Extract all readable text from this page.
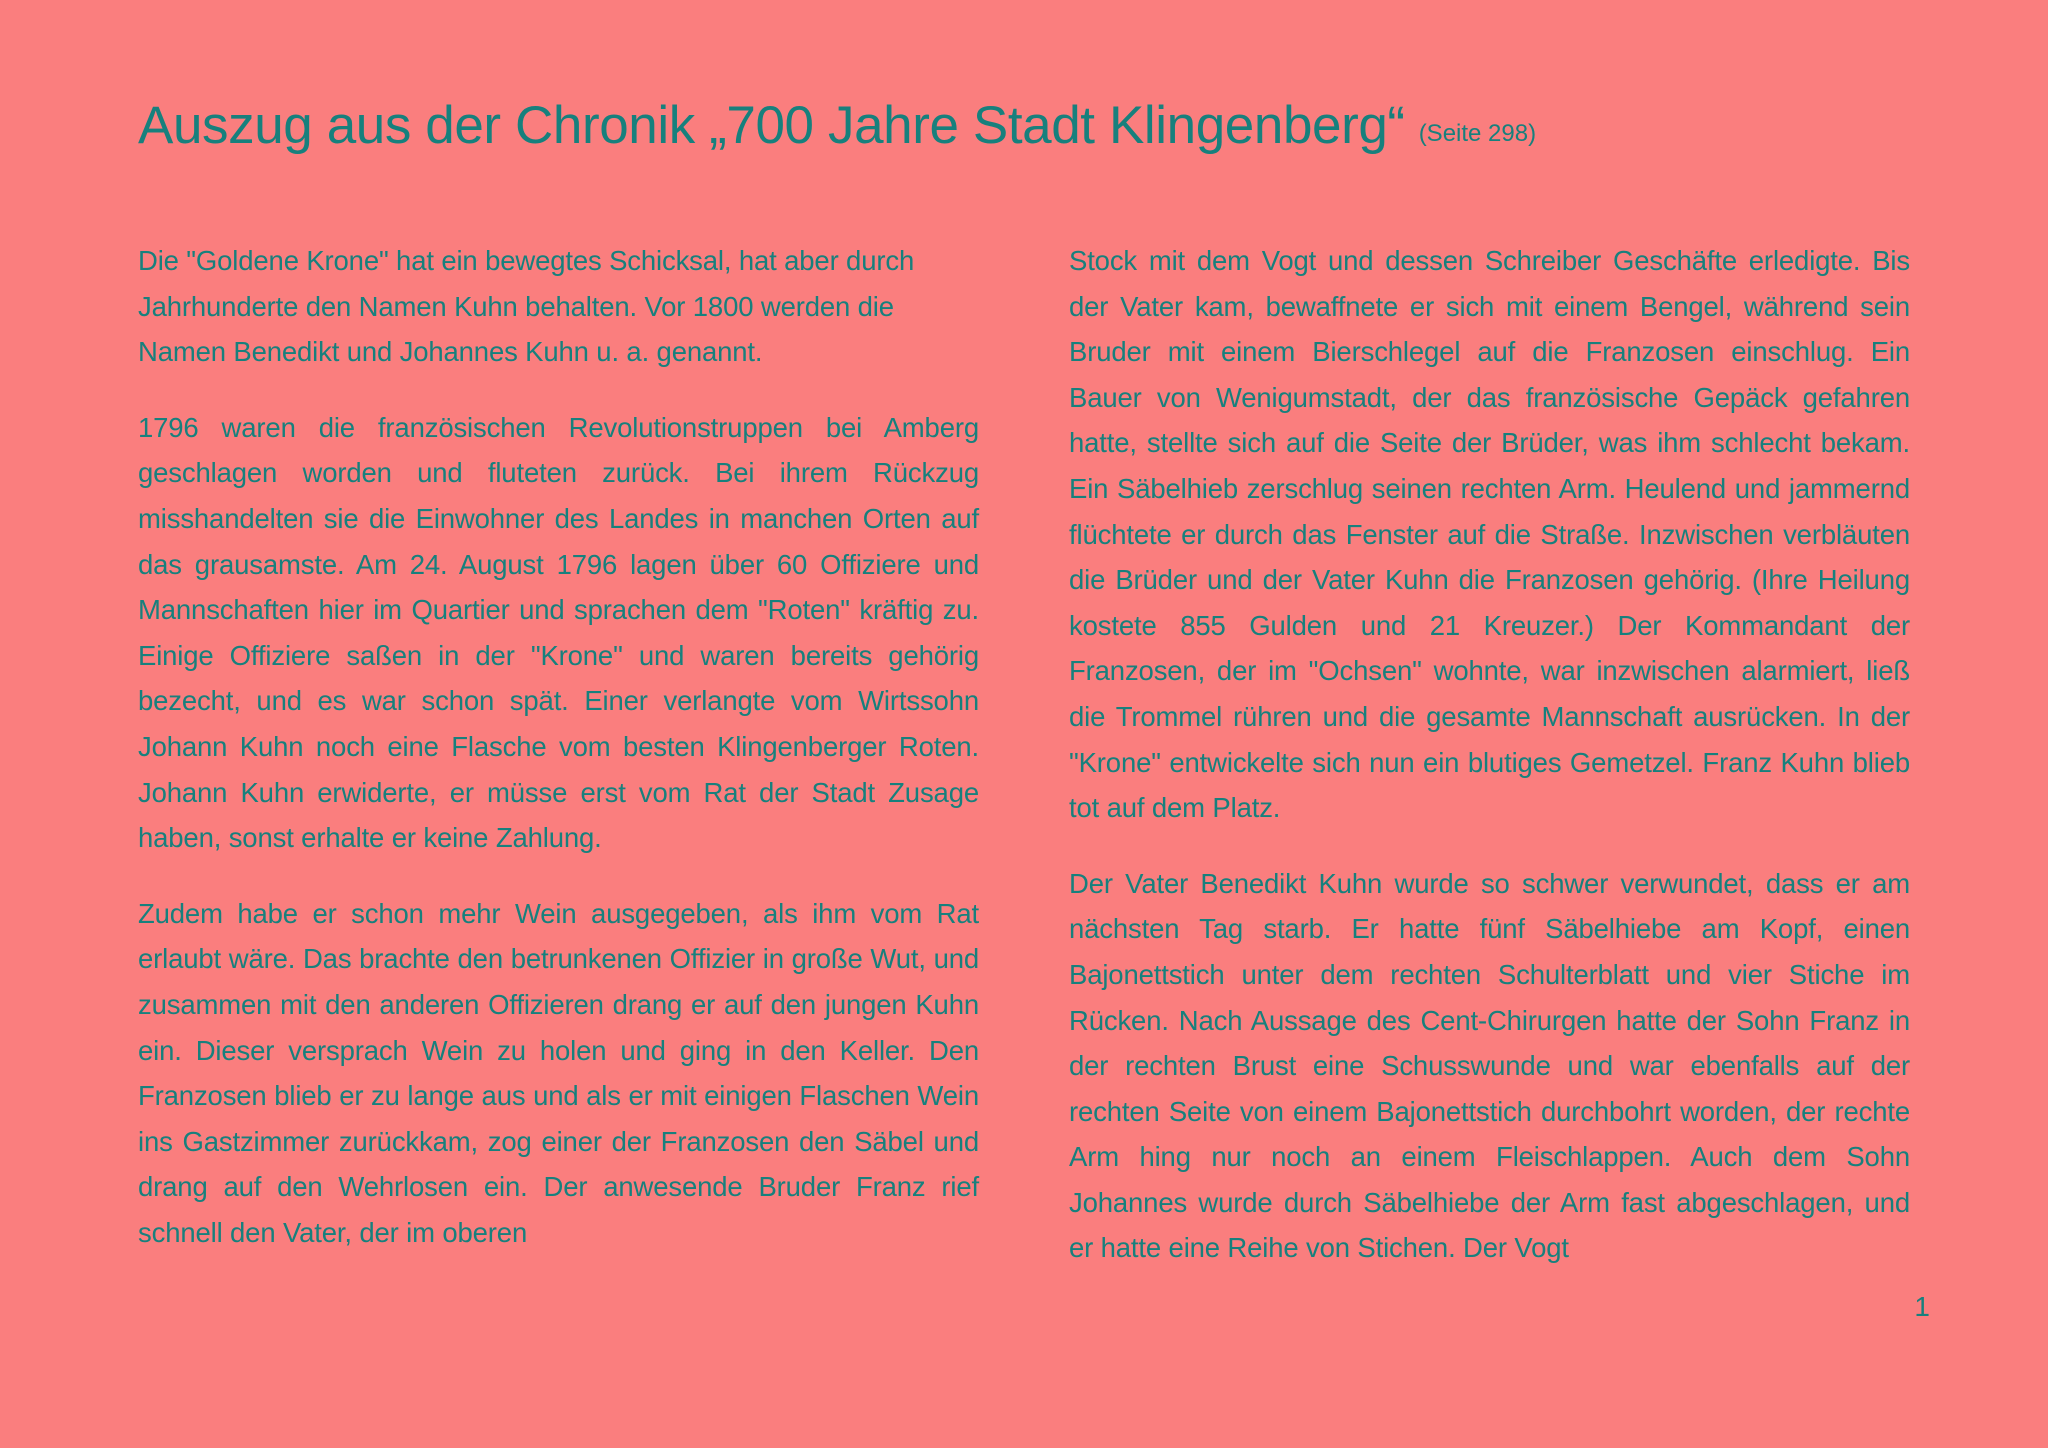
Auszug aus der Chronik „700 Jahre Stadt Klingenberg“ (Seite 298)

Die "Goldene Krone" hat ein bewegtes Schicksal, hat aber durch Jahrhunderte den Namen Kuhn behalten. Vor 1800 werden die Namen Benedikt und Johannes Kuhn u. a. genannt.

1796 waren die französischen Revolutionstruppen bei Amberg geschlagen worden und fluteten zurück. Bei ihrem Rückzug misshandelten sie die Einwohner des Landes in manchen Orten auf das grausamste. Am 24. August 1796 lagen über 60 Offiziere und Mannschaften hier im Quartier und sprachen dem "Roten" kräftig zu. Einige Offiziere saßen in der "Krone" und waren bereits gehörig bezecht, und es war schon spät. Einer verlangte vom Wirtssohn Johann Kuhn noch eine Flasche vom besten Klingenberger Roten. Johann Kuhn erwiderte, er müsse erst vom Rat der Stadt Zusage haben, sonst erhalte er keine Zahlung.

Zudem habe er schon mehr Wein ausgegeben, als ihm vom Rat erlaubt wäre. Das brachte den betrunkenen Offizier in große Wut, und zusammen mit den anderen Offizieren drang er auf den jungen Kuhn ein. Dieser versprach Wein zu holen und ging in den Keller. Den Franzosen blieb er zu lange aus und als er mit einigen Flaschen Wein ins Gastzimmer zurückkam, zog einer der Franzosen den Säbel und drang auf den Wehrlosen ein. Der anwesende Bruder Franz rief schnell den Vater, der im oberen

Stock mit dem Vogt und dessen Schreiber Geschäfte erledigte. Bis der Vater kam, bewaffnete er sich mit einem Bengel, während sein Bruder mit einem Bierschlegel auf die Franzosen einschlug. Ein Bauer von Wenigumstadt, der das französische Gepäck gefahren hatte, stellte sich auf die Seite der Brüder, was ihm schlecht bekam. Ein Säbelhieb zerschlug seinen rechten Arm. Heulend und jammernd flüchtete er durch das Fenster auf die Straße. Inzwischen verbläuten die Brüder und der Vater Kuhn die Franzosen gehörig. (Ihre Heilung kostete 855 Gulden und 21 Kreuzer.) Der Kommandant der Franzosen, der im "Ochsen" wohnte, war inzwischen alarmiert, ließ die Trommel rühren und die gesamte Mannschaft ausrücken. In der "Krone" entwickelte sich nun ein blutiges Gemetzel. Franz Kuhn blieb tot auf dem Platz.

Der Vater Benedikt Kuhn wurde so schwer verwundet, dass er am nächsten Tag starb. Er hatte fünf Säbelhiebe am Kopf, einen Bajonettstich unter dem rechten Schulterblatt und vier Stiche im Rücken. Nach Aussage des Cent-Chirurgen hatte der Sohn Franz in der rechten Brust eine Schusswunde und war ebenfalls auf der rechten Seite von einem Bajonettstich durchbohrt worden, der rechte Arm hing nur noch an einem Fleischlappen. Auch dem Sohn Johannes wurde durch Säbelhiebe der Arm fast abgeschlagen, und er hatte eine Reihe von Stichen. Der Vogt

1
